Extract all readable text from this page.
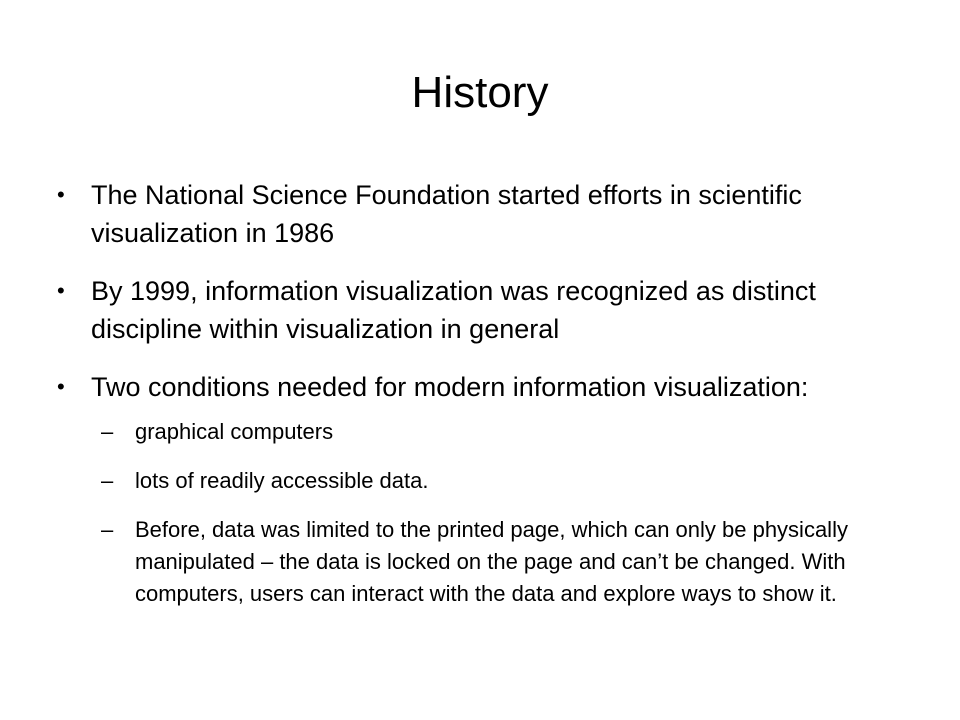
History
• The National Science Foundation started efforts in scientific visualization in 1986
• By 1999, information visualization was recognized as distinct discipline within visualization in general
• Two conditions needed for modern information visualization:
– graphical computers
– lots of readily accessible data.
– Before, data was limited to the printed page, which can only be physically manipulated – the data is locked on the page and can’t be changed. With computers, users can interact with the data and explore ways to show it.
